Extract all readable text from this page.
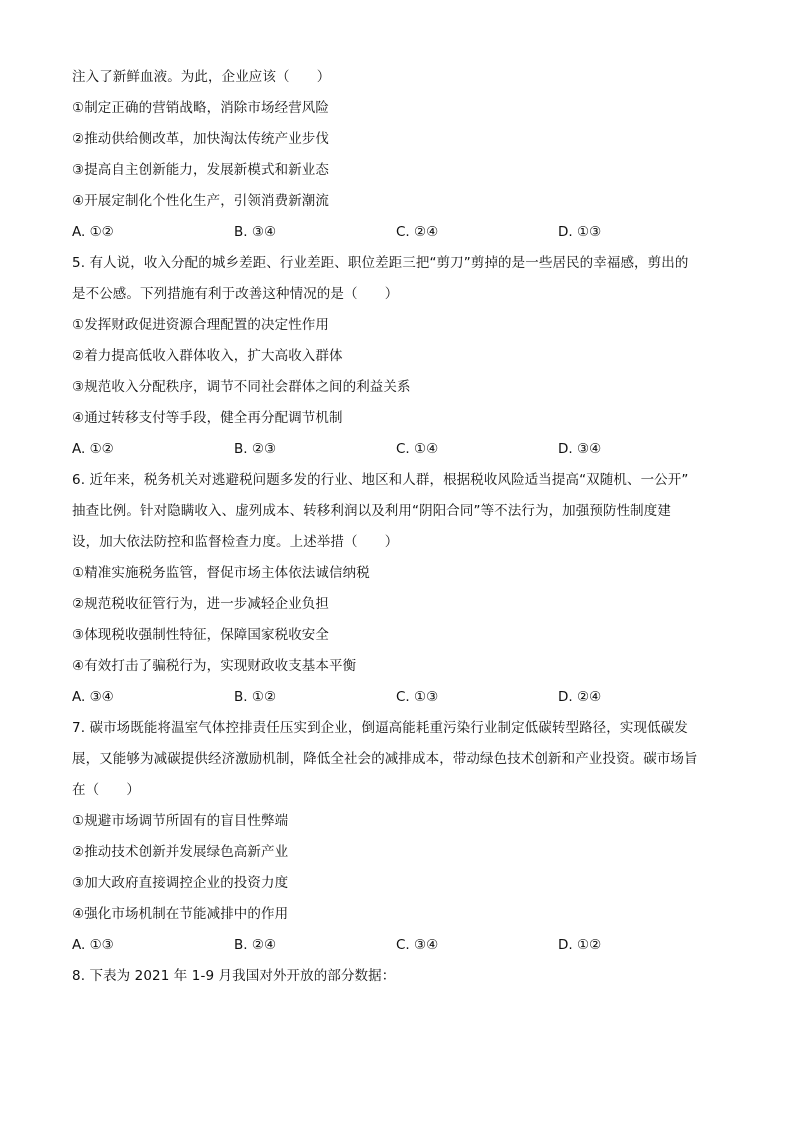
注入了新鲜血液。为此，企业应该（　　）
①制定正确的营销战略，消除市场经营风险
②推动供给侧改革，加快淘汰传统产业步伐
③提高自主创新能力，发展新模式和新业态
④开展定制化个性化生产，引领消费新潮流
A. ①②	B. ③④	C. ②④	D. ①③
5. 有人说，收入分配的城乡差距、行业差距、职位差距三把“剪刀”剪掉的是一些居民的幸福感，剪出的
是不公感。下列措施有利于改善这种情况的是（　　）
①发挥财政促进资源合理配置的决定性作用
②着力提高低收入群体收入，扩大高收入群体
③规范收入分配秩序，调节不同社会群体之间的利益关系
④通过转移支付等手段，健全再分配调节机制
A. ①②	B. ②③	C. ①④	D. ③④
6. 近年来，税务机关对逃避税问题多发的行业、地区和人群，根据税收风险适当提高“双随机、一公开”
抽查比例。针对隐瞒收入、虚列成本、转移利润以及利用“阴阳合同”等不法行为，加强预防性制度建
设，加大依法防控和监督检查力度。上述举措（　　）
①精准实施税务监管，督促市场主体依法诚信纳税
②规范税收征管行为，进一步减轻企业负担
③体现税收强制性特征，保障国家税收安全
④有效打击了骗税行为，实现财政收支基本平衡
A. ③④	B. ①②	C. ①③	D. ②④
7. 碳市场既能将温室气体控排责任压实到企业，倒逼高能耗重污染行业制定低碳转型路径，实现低碳发
展，又能够为减碳提供经济激励机制，降低全社会的减排成本，带动绿色技术创新和产业投资。碳市场旨
在（　　）
①规避市场调节所固有的盲目性弊端
②推动技术创新并发展绿色高新产业
③加大政府直接调控企业的投资力度
④强化市场机制在节能减排中的作用
A. ①③	B. ②④	C. ③④	D. ①②
8. 下表为 2021 年 1-9 月我国对外开放的部分数据：
